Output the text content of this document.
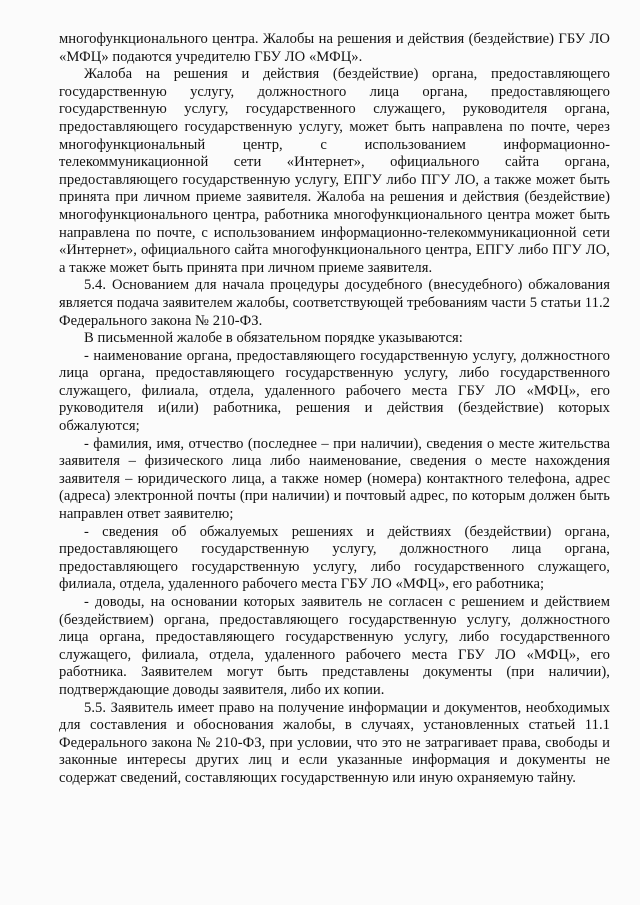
многофункционального центра. Жалобы на решения и действия (бездействие) ГБУ ЛО «МФЦ» подаются учредителю ГБУ ЛО «МФЦ».

Жалоба на решения и действия (бездействие) органа, предоставляющего государственную услугу, должностного лица органа, предоставляющего государственную услугу, государственного служащего, руководителя органа, предоставляющего государственную услугу, может быть направлена по почте, через многофункциональный центр, с использованием информационно-телекоммуникационной сети «Интернет», официального сайта органа, предоставляющего государственную услугу, ЕПГУ либо ПГУ ЛО, а также может быть принята при личном приеме заявителя. Жалоба на решения и действия (бездействие) многофункционального центра, работника многофункционального центра может быть направлена по почте, с использованием информационно-телекоммуникационной сети «Интернет», официального сайта многофункционального центра, ЕПГУ либо ПГУ ЛО, а также может быть принята при личном приеме заявителя.

5.4. Основанием для начала процедуры досудебного (внесудебного) обжалования является подача заявителем жалобы, соответствующей требованиям части 5 статьи 11.2 Федерального закона № 210-ФЗ.

В письменной жалобе в обязательном порядке указываются:

- наименование органа, предоставляющего государственную услугу, должностного лица органа, предоставляющего государственную услугу, либо государственного служащего, филиала, отдела, удаленного рабочего места ГБУ ЛО «МФЦ», его руководителя и(или) работника, решения и действия (бездействие) которых обжалуются;

- фамилия, имя, отчество (последнее – при наличии), сведения о месте жительства заявителя – физического лица либо наименование, сведения о месте нахождения заявителя – юридического лица, а также номер (номера) контактного телефона, адрес (адреса) электронной почты (при наличии) и почтовый адрес, по которым должен быть направлен ответ заявителю;

- сведения об обжалуемых решениях и действиях (бездействии) органа, предоставляющего государственную услугу, должностного лица органа, предоставляющего государственную услугу, либо государственного служащего, филиала, отдела, удаленного рабочего места ГБУ ЛО «МФЦ», его работника;

- доводы, на основании которых заявитель не согласен с решением и действием (бездействием) органа, предоставляющего государственную услугу, должностного лица органа, предоставляющего государственную услугу, либо государственного служащего, филиала, отдела, удаленного рабочего места ГБУ ЛО «МФЦ», его работника. Заявителем могут быть представлены документы (при наличии), подтверждающие доводы заявителя, либо их копии.

5.5. Заявитель имеет право на получение информации и документов, необходимых для составления и обоснования жалобы, в случаях, установленных статьей 11.1 Федерального закона № 210-ФЗ, при условии, что это не затрагивает права, свободы и законные интересы других лиц и если указанные информация и документы не содержат сведений, составляющих государственную или иную охраняемую тайну.
